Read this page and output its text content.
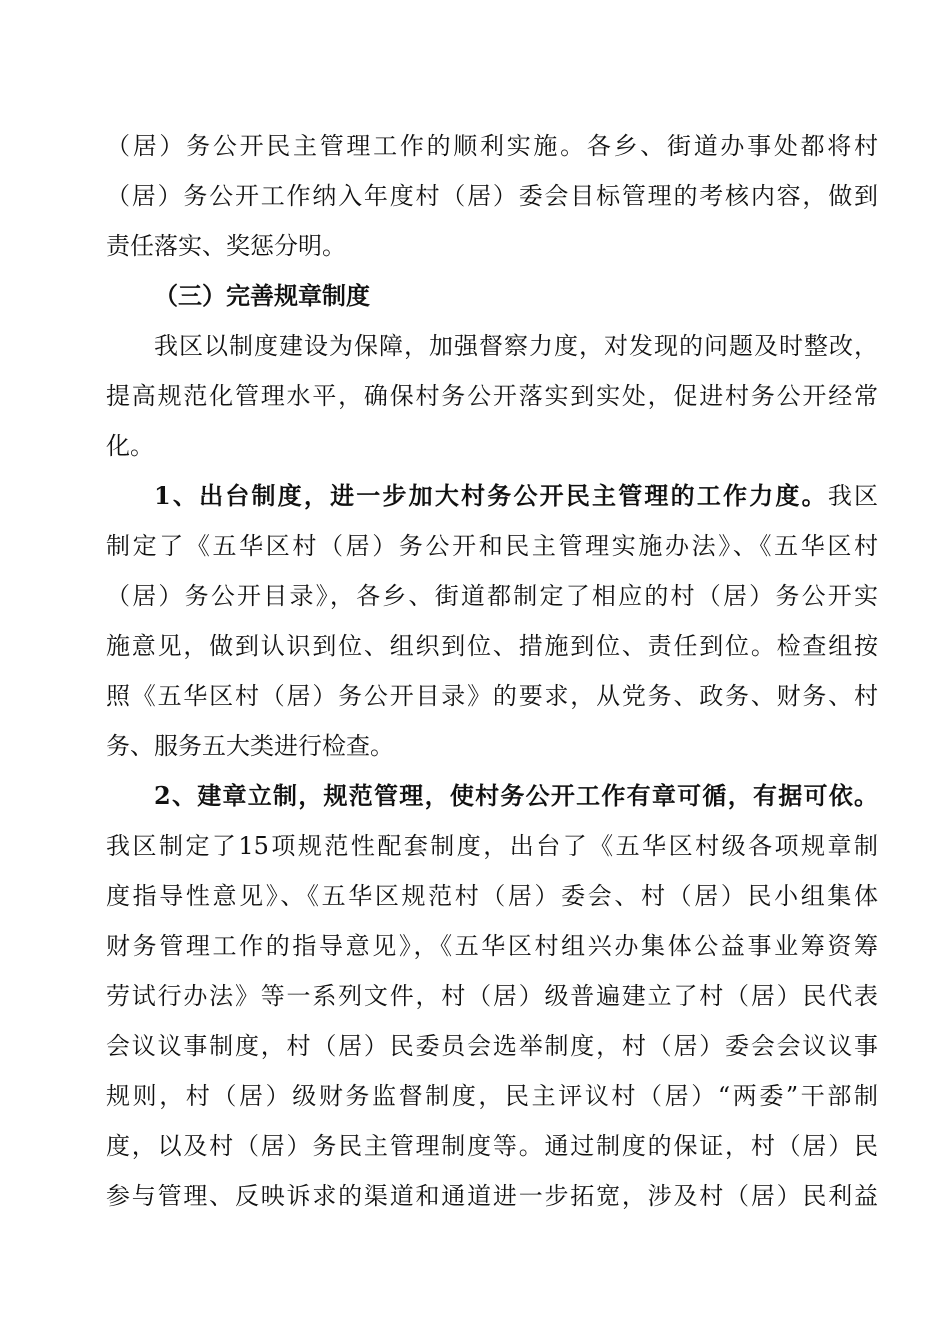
（居）务公开民主管理工作的顺利实施。各乡、街道办事处都将村
（居）务公开工作纳入年度村（居）委会目标管理的考核内容，做到
责任落实、奖惩分明。
（三）完善规章制度
我区以制度建设为保障，加强督察力度，对发现的问题及时整改，
提高规范化管理水平，确保村务公开落实到实处，促进村务公开经常
化。
1、出台制度，进一步加大村务公开民主管理的工作力度。我区
制定了《五华区村（居）务公开和民主管理实施办法》、《五华区村
（居）务公开目录》，各乡、街道都制定了相应的村（居）务公开实
施意见，做到认识到位、组织到位、措施到位、责任到位。检查组按
照《五华区村（居）务公开目录》的要求，从党务、政务、财务、村
务、服务五大类进行检查。
2、建章立制，规范管理，使村务公开工作有章可循，有据可依。
我区制定了15项规范性配套制度，出台了《五华区村级各项规章制
度指导性意见》、《五华区规范村（居）委会、村（居）民小组集体
财务管理工作的指导意见》，《五华区村组兴办集体公益事业筹资筹
劳试行办法》等一系列文件，村（居）级普遍建立了村（居）民代表
会议议事制度，村（居）民委员会选举制度，村（居）委会会议议事
规则，村（居）级财务监督制度，民主评议村（居）“两委”干部制
度，以及村（居）务民主管理制度等。通过制度的保证，村（居）民
参与管理、反映诉求的渠道和通道进一步拓宽，涉及村（居）民利益
